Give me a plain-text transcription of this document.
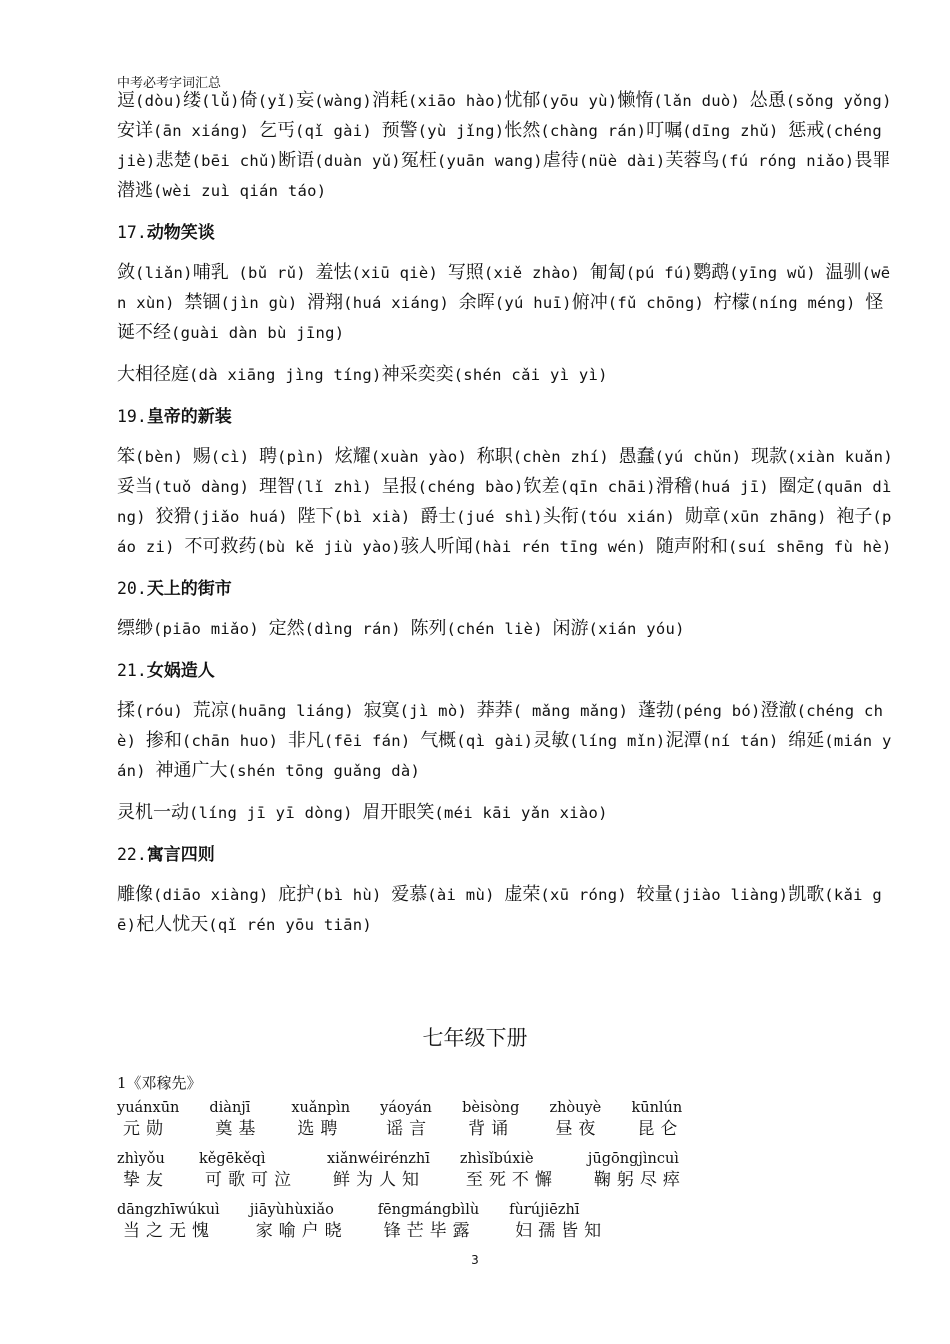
中考必考字词汇总

逗(dòu)缕(lǚ)倚(yǐ)妄(wàng)消耗(xiāo hào)忧郁(yōu yù)懒惰(lǎn duò) 怂恿(sǒng yǒng) 安详(ān xiáng) 乞丐(qǐ gài) 预警(yù jǐng)怅然(chàng rán)叮嘱(dīng zhǔ) 惩戒(chéng jiè)悲楚(bēi chǔ)断语(duàn yǔ)冤枉(yuān wang)虐待(nüè dài)芙蓉鸟(fú róng niǎo)畏罪潜逃(wèi zuì qián táo)

17.动物笑谈

敛(liǎn)哺乳 (bǔ rǔ) 羞怯(xiū qiè) 写照(xiě zhào) 匍匐(pú fú)鹦鹉(yīng wǔ) 温驯(wēn xùn) 禁锢(jìn gù) 滑翔(huá xiáng) 余晖(yú huī)俯冲(fǔ chōng) 柠檬(níng méng) 怪诞不经(guài dàn bù jīng)

大相径庭(dà xiāng jìng tíng)神采奕奕(shén cǎi yì yì)

19.皇帝的新装

笨(bèn) 赐(cì) 聘(pìn) 炫耀(xuàn yào) 称职(chèn zhí) 愚蠢(yú chǔn) 现款(xiàn kuǎn) 妥当(tuǒ dàng) 理智(lǐ zhì) 呈报(chéng bào)钦差(qīn chāi)滑稽(huá jī) 圈定(quān dìng) 狡猾(jiǎo huá) 陛下(bì xià) 爵士(jué shì)头衔(tóu xián) 勋章(xūn zhāng) 袍子(páo zi) 不可救药(bù kě jiù yào)骇人听闻(hài rén tīng wén) 随声附和(suí shēng fù hè)

20.天上的街市

缥缈(piāo miǎo) 定然(dìng rán) 陈列(chén liè) 闲游(xián yóu)

21.女娲造人

揉(róu) 荒凉(huāng liáng) 寂寞(jì mò) 莽莽( mǎng mǎng) 蓬勃(péng bó)澄澈(chéng chè) 掺和(chān huo) 非凡(fēi fán) 气概(qì gài)灵敏(líng mǐn)泥潭(ní tán) 绵延(mián yán) 神通广大(shén tōng guǎng dà)

灵机一动(líng jī yī dòng) 眉开眼笑(méi kāi yǎn xiào)

22.寓言四则

雕像(diāo xiàng) 庇护(bì hù) 爱慕(ài mù) 虚荣(xū róng) 较量(jiào liàng)凯歌(kǎi gē)杞人忧天(qǐ rén yōu tiān)

七年级下册
1《邓稼先》
yuánxūn
元勋
diànjī
奠基
xuǎnpìn
选聘
yáoyán
谣言
bèisòng
背诵
zhòuyè
昼夜
kūnlún
昆仑
zhìyǒu
挚友
kěgēkěqì
可歌可泣
xiǎnwéirénzhī
鲜为人知
zhìsǐbúxiè
至死不懈
jūgōngjìncuì
鞠躬尽瘁
dāngzhīwúkuì
当之无愧
jiāyùhùxiǎo
家喻户晓
fēngmángbìlù
锋芒毕露
fùrújiēzhī
妇孺皆知
3
